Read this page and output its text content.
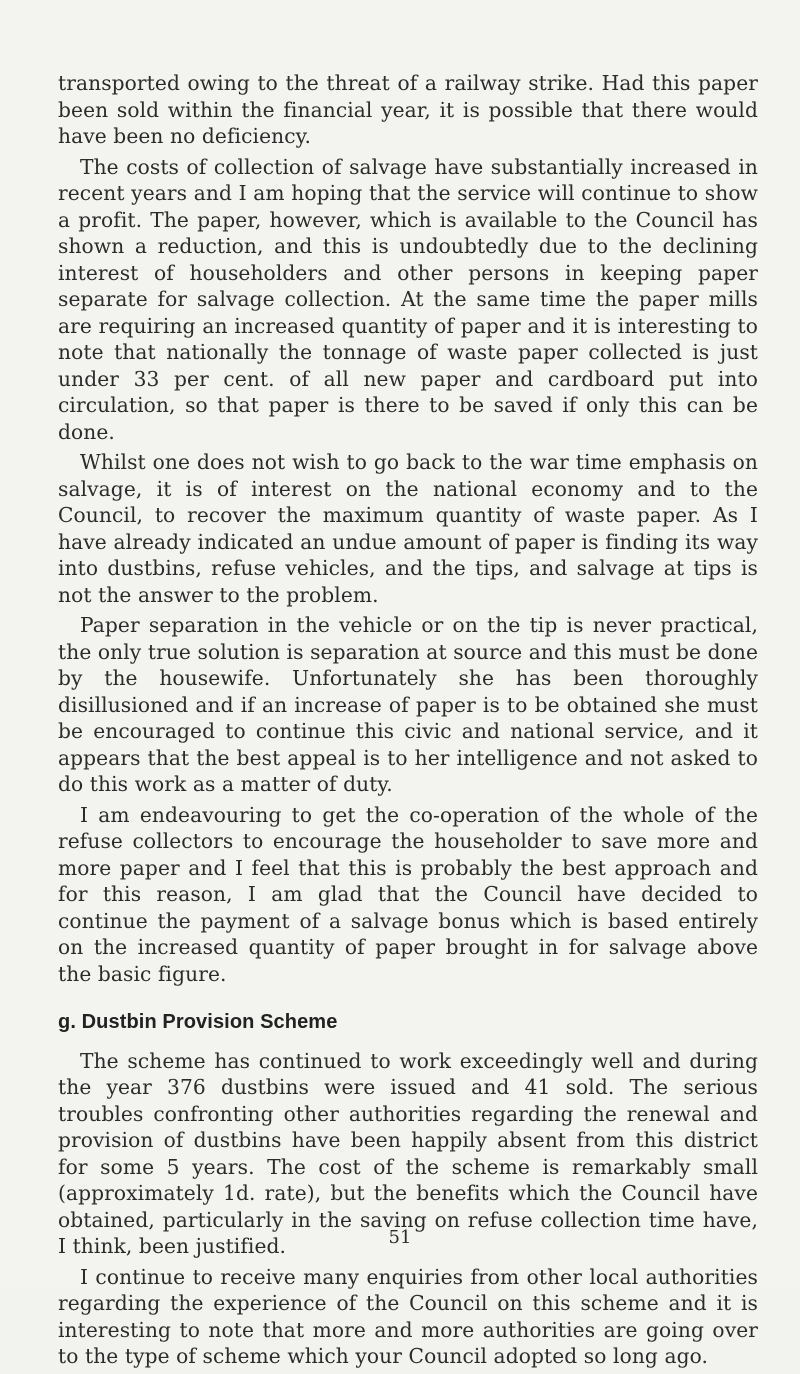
transported owing to the threat of a railway strike. Had this paper been sold within the financial year, it is possible that there would have been no deficiency.

The costs of collection of salvage have substantially increased in recent years and I am hoping that the service will continue to show a profit. The paper, however, which is available to the Council has shown a reduction, and this is undoubtedly due to the declining interest of householders and other persons in keeping paper separate for salvage collection. At the same time the paper mills are requiring an increased quantity of paper and it is interesting to note that nationally the tonnage of waste paper collected is just under 33 per cent. of all new paper and cardboard put into circulation, so that paper is there to be saved if only this can be done.

Whilst one does not wish to go back to the war time emphasis on salvage, it is of interest on the national economy and to the Council, to recover the maximum quantity of waste paper. As I have already indicated an undue amount of paper is finding its way into dustbins, refuse vehicles, and the tips, and salvage at tips is not the answer to the problem.

Paper separation in the vehicle or on the tip is never practical, the only true solution is separation at source and this must be done by the housewife. Unfortunately she has been thoroughly disillusioned and if an increase of paper is to be obtained she must be encouraged to continue this civic and national service, and it appears that the best appeal is to her intelligence and not asked to do this work as a matter of duty.

I am endeavouring to get the co-operation of the whole of the refuse collectors to encourage the householder to save more and more paper and I feel that this is probably the best approach and for this reason, I am glad that the Council have decided to continue the payment of a salvage bonus which is based entirely on the increased quantity of paper brought in for salvage above the basic figure.

g. Dustbin Provision Scheme

The scheme has continued to work exceedingly well and during the year 376 dustbins were issued and 41 sold. The serious troubles confronting other authorities regarding the renewal and provision of dustbins have been happily absent from this district for some 5 years. The cost of the scheme is remarkably small (approximately 1d. rate), but the benefits which the Council have obtained, particularly in the saving on refuse collection time have, I think, been justified.

I continue to receive many enquiries from other local authorities regarding the experience of the Council on this scheme and it is interesting to note that more and more authorities are going over to the type of scheme which your Council adopted so long ago.

51
